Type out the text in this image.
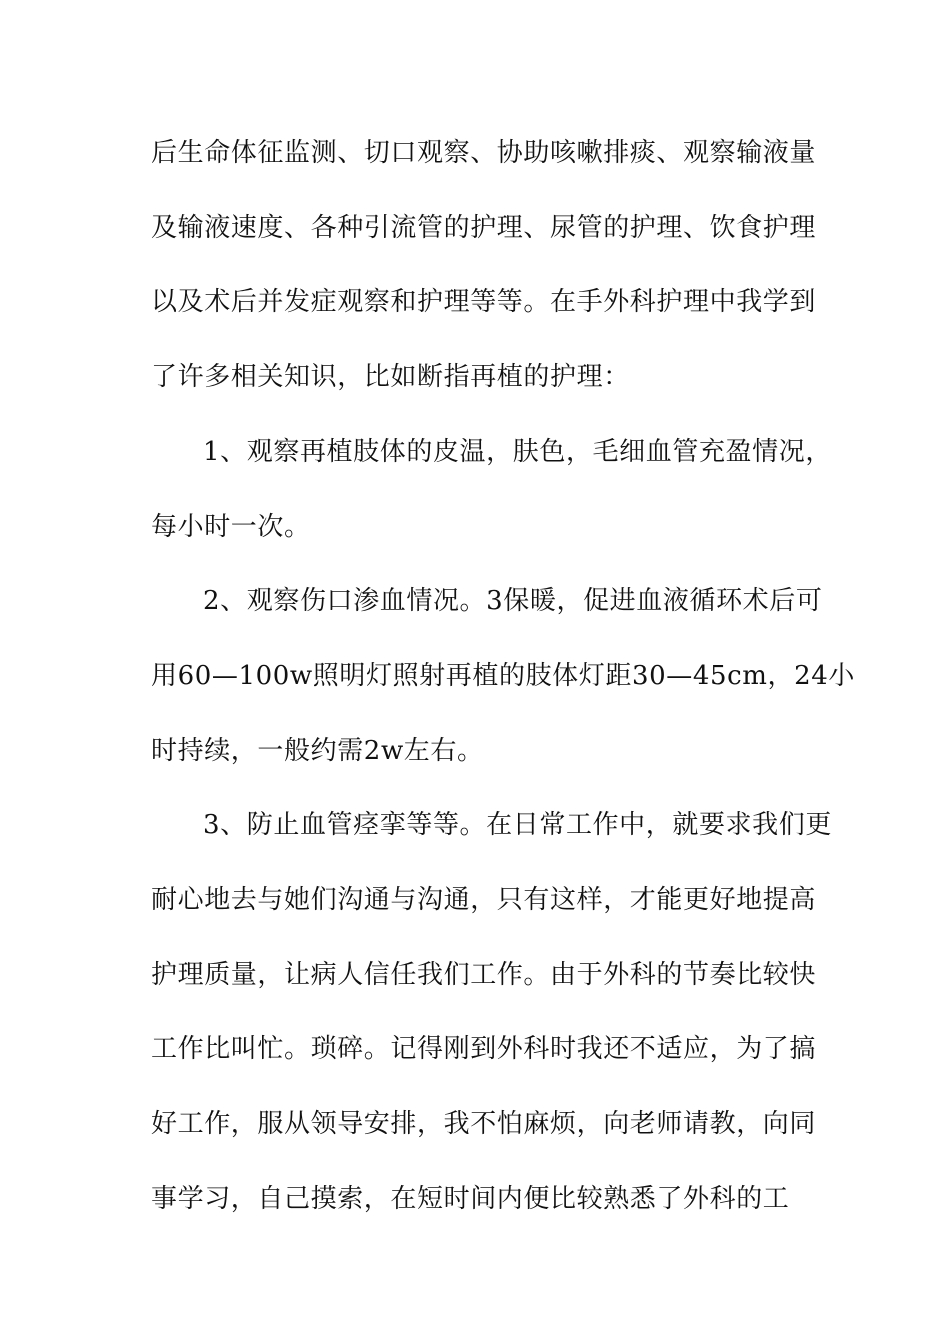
后生命体征监测、切口观察、协助咳嗽排痰、观察输液量
及输液速度、各种引流管的护理、尿管的护理、饮食护理
以及术后并发症观察和护理等等。在手外科护理中我学到
了许多相关知识，比如断指再植的护理：
1、观察再植肢体的皮温，肤色，毛细血管充盈情况，
每小时一次。
2、观察伤口渗血情况。3保暖，促进血液循环术后可
用60—100w照明灯照射再植的肢体灯距30—45cm，24小
时持续，一般约需2w左右。
3、防止血管痉挛等等。在日常工作中，就要求我们更
耐心地去与她们沟通与沟通，只有这样，才能更好地提高
护理质量，让病人信任我们工作。由于外科的节奏比较快
工作比叫忙。琐碎。记得刚到外科时我还不适应，为了搞
好工作，服从领导安排，我不怕麻烦，向老师请教，向同
事学习，自己摸索，在短时间内便比较熟悉了外科的工
